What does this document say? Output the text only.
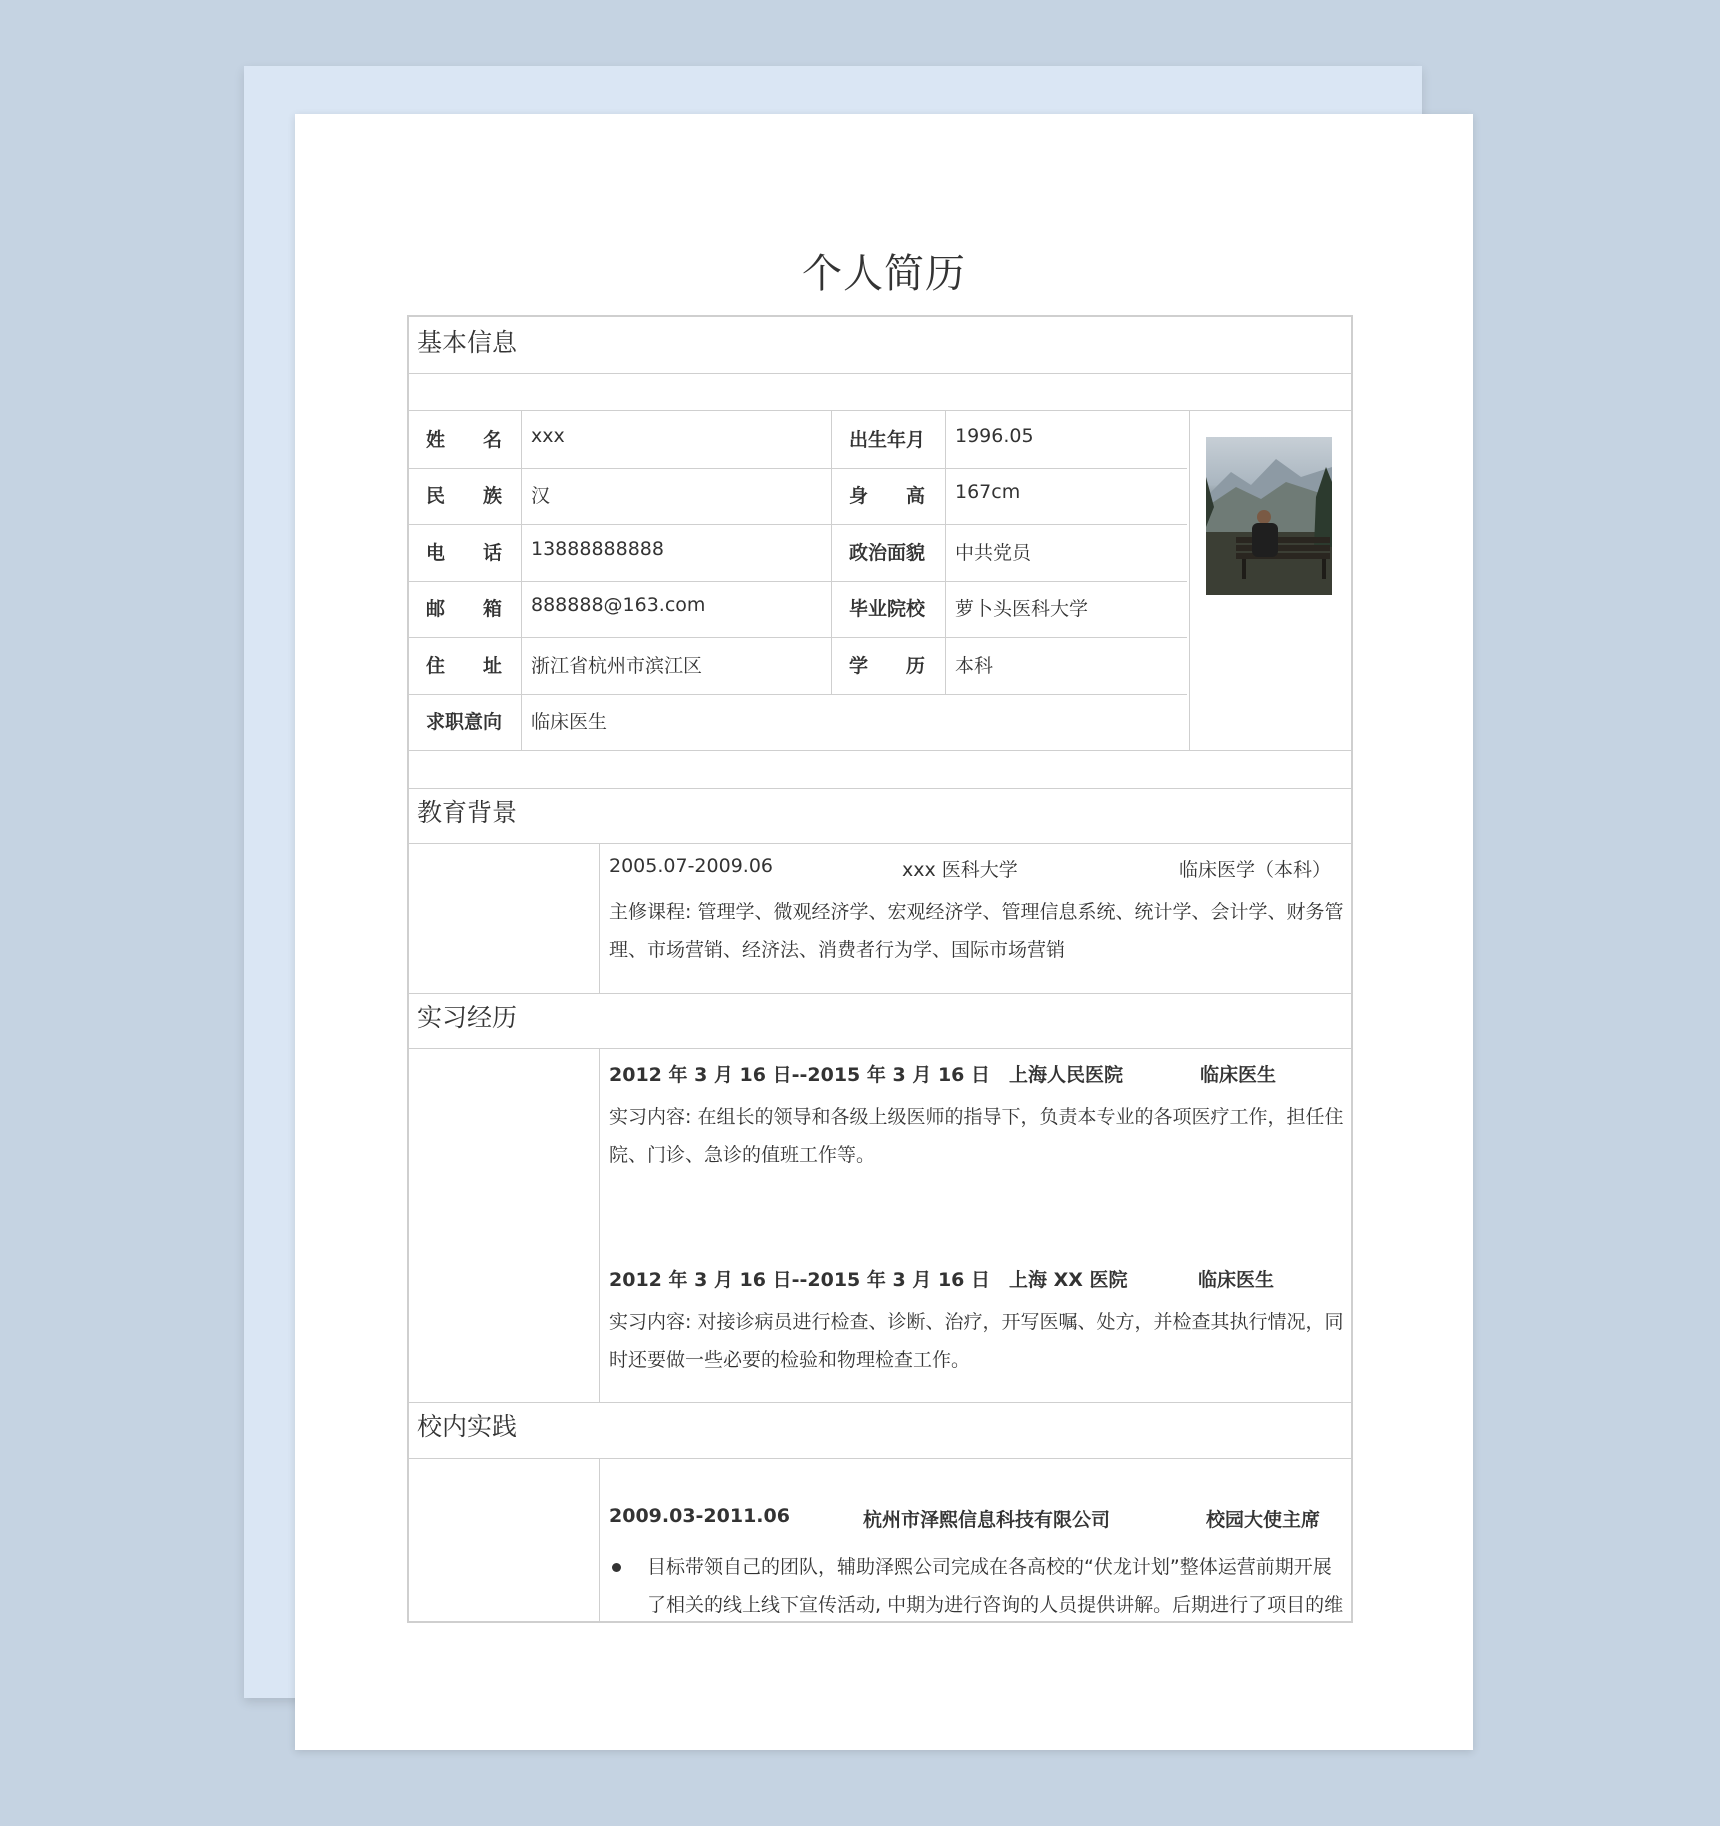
个人简历
基本信息
教育背景
实习经历
校内实践
姓名 xxx	出生年月 1996.05
民族 汉	身高 167cm
电话 13888888888	政治面貌 中共党员
邮箱 888888@163.com	毕业院校 萝卜头医科大学
住址 浙江省杭州市滨江区	学历 本科
求职意向 临床医生
2005.07-2009.06	xxx 医科大学	临床医学（本科）
主修课程: 管理学、微观经济学、宏观经济学、管理信息系统、统计学、会计学、财务管理、市场营销、经济法、消费者行为学、国际市场营销
2012 年 3 月 16 日--2015 年 3 月 16 日 上海人民医院	临床医生
实习内容: 在组长的领导和各级上级医师的指导下，负责本专业的各项医疗工作，担任住院、门诊、急诊的值班工作等。
2012 年 3 月 16 日--2015 年 3 月 16 日 上海 XX 医院	临床医生
实习内容: 对接诊病员进行检查、诊断、治疗，开写医嘱、处方，并检查其执行情况，同时还要做一些必要的检验和物理检查工作。
2009.03-2011.06	杭州市泽熙信息科技有限公司	校园大使主席
目标带领自己的团队，辅助泽熙公司完成在各高校的“伏龙计划”整体运营前期开展了相关的线上线下宣传活动, 中期为进行咨询的人员提供讲解。后期进行了项目的维
